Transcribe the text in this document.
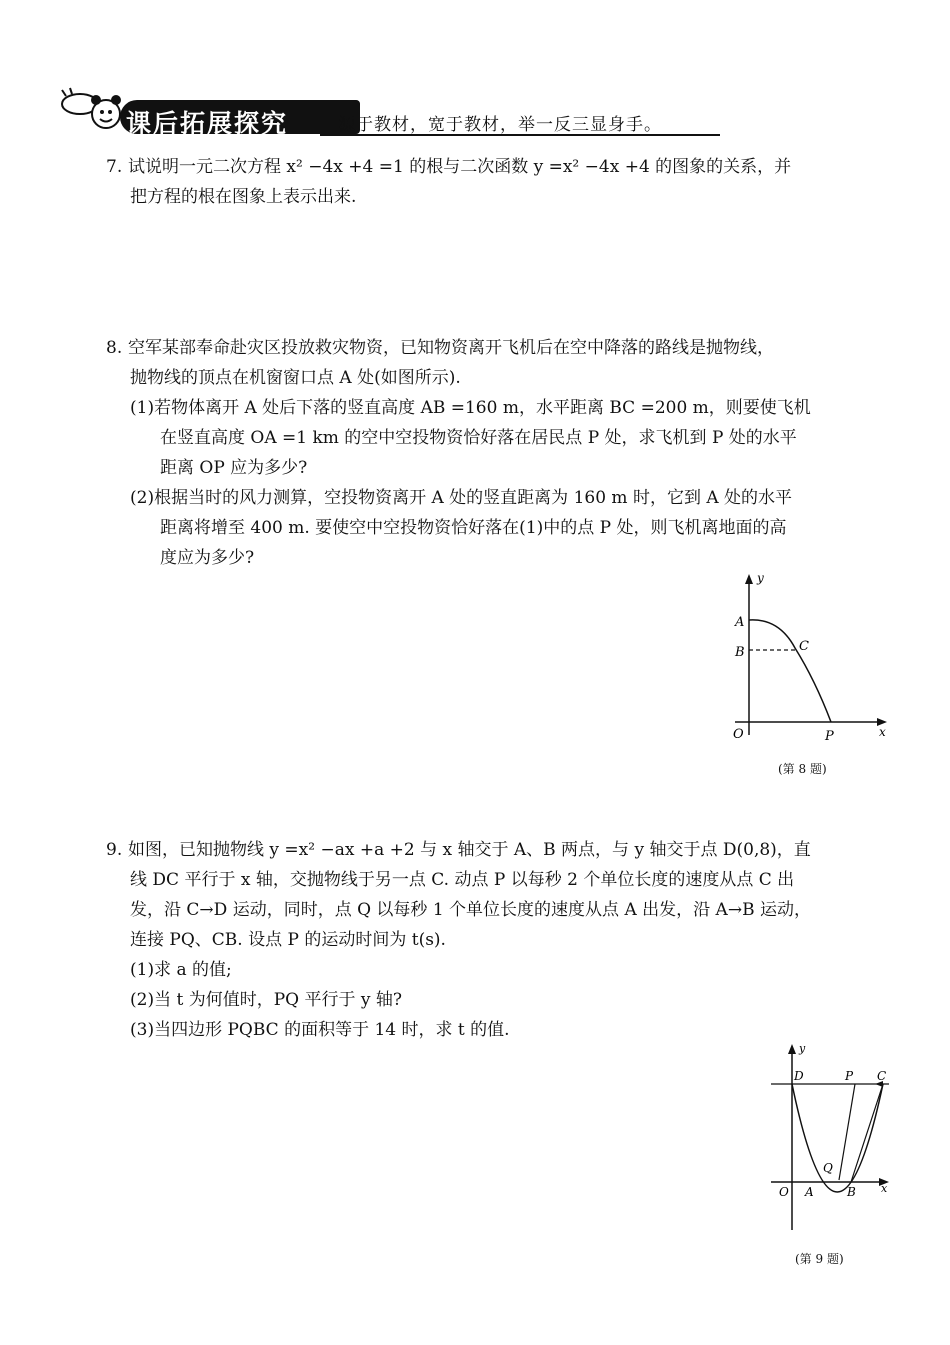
课后拓展探究	源于教材，宽于教材，举一反三显身手。
7. 试说明一元二次方程 x² −4x +4 =1 的根与二次函数 y =x² −4x +4 的图象的关系，并
把方程的根在图象上表示出来.
8. 空军某部奉命赴灾区投放救灾物资，已知物资离开飞机后在空中降落的路线是抛物线，
抛物线的顶点在机窗窗口点 A 处(如图所示).
(1)若物体离开 A 处后下落的竖直高度 AB =160 m，水平距离 BC =200 m，则要使飞机
在竖直高度 OA =1 km 的空中空投物资恰好落在居民点 P 处，求飞机到 P 处的水平
距离 OP 应为多少?
(2)根据当时的风力测算，空投物资离开 A 处的竖直距离为 160 m 时，它到 A 处的水平
距离将增至 400 m. 要使空中空投物资恰好落在(1)中的点 P 处，则飞机离地面的高
度应为多少?
y
x
O
A
B	C
P
(第 8 题)
9. 如图，已知抛物线 y =x² −ax +a +2 与 x 轴交于 A、B 两点，与 y 轴交于点 D(0,8)，直
线 DC 平行于 x 轴，交抛物线于另一点 C. 动点 P 以每秒 2 个单位长度的速度从点 C 出
发，沿 C→D 运动，同时，点 Q 以每秒 1 个单位长度的速度从点 A 出发，沿 A→B 运动，
连接 PQ、CB. 设点 P 的运动时间为 t(s).
(1)求 a 的值;
(2)当 t 为何值时，PQ 平行于 y 轴?
(3)当四边形 PQBC 的面积等于 14 时，求 t 的值.
y
x
O A	B
C
D	P
Q
(第 9 题)
